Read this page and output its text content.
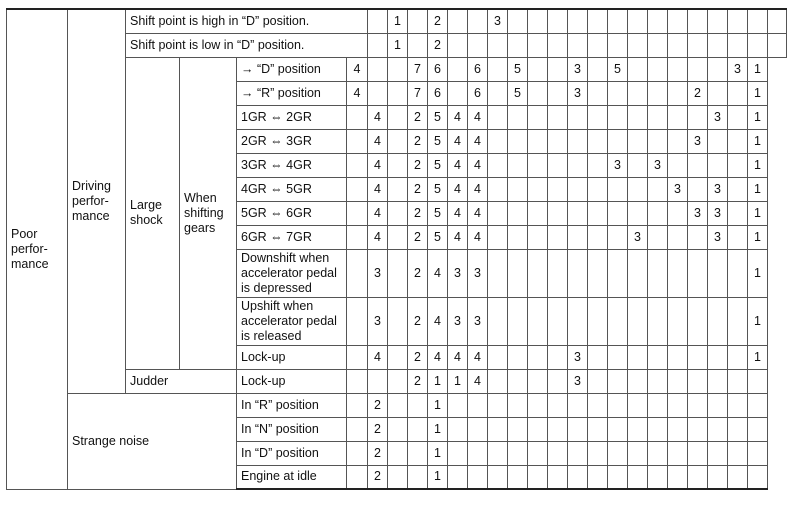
Poor perfor-mance	Driving perfor-mance	Shift point is high in “D” position.					1		2			3														
		Shift point is low in “D” position.					1		2																	
		Large shock	When shifting gears	→ “D” position	4			7	6		6		5			3		5						3	1	
				→ “R” position	4			7	6		6		5			3						2			1	
				1GR ⇔ 2GR		4		2	5	4	4												3		1	
				2GR ⇔ 3GR		4		2	5	4	4											3			1	
				3GR ⇔ 4GR		4		2	5	4	4							3		3					1	
				4GR ⇔ 5GR		4		2	5	4	4										3		3		1	
				5GR ⇔ 6GR		4		2	5	4	4											3	3		1	
				6GR ⇔ 7GR		4		2	5	4	4								3				3		1	
				Downshift when accelerator pedal is depressed		3		2	4	3	3														1	
				Upshift when accelerator pedal is released		3		2	4	3	3														1	
				Lock-up		4		2	4	4	4					3									1	
		Judder		Lock-up				2	1	1	4					3										
	Strange noise			In “R” position		2			1																	
				In “N” position		2			1																	
				In “D” position		2			1																	
				Engine at idle		2			1																	
